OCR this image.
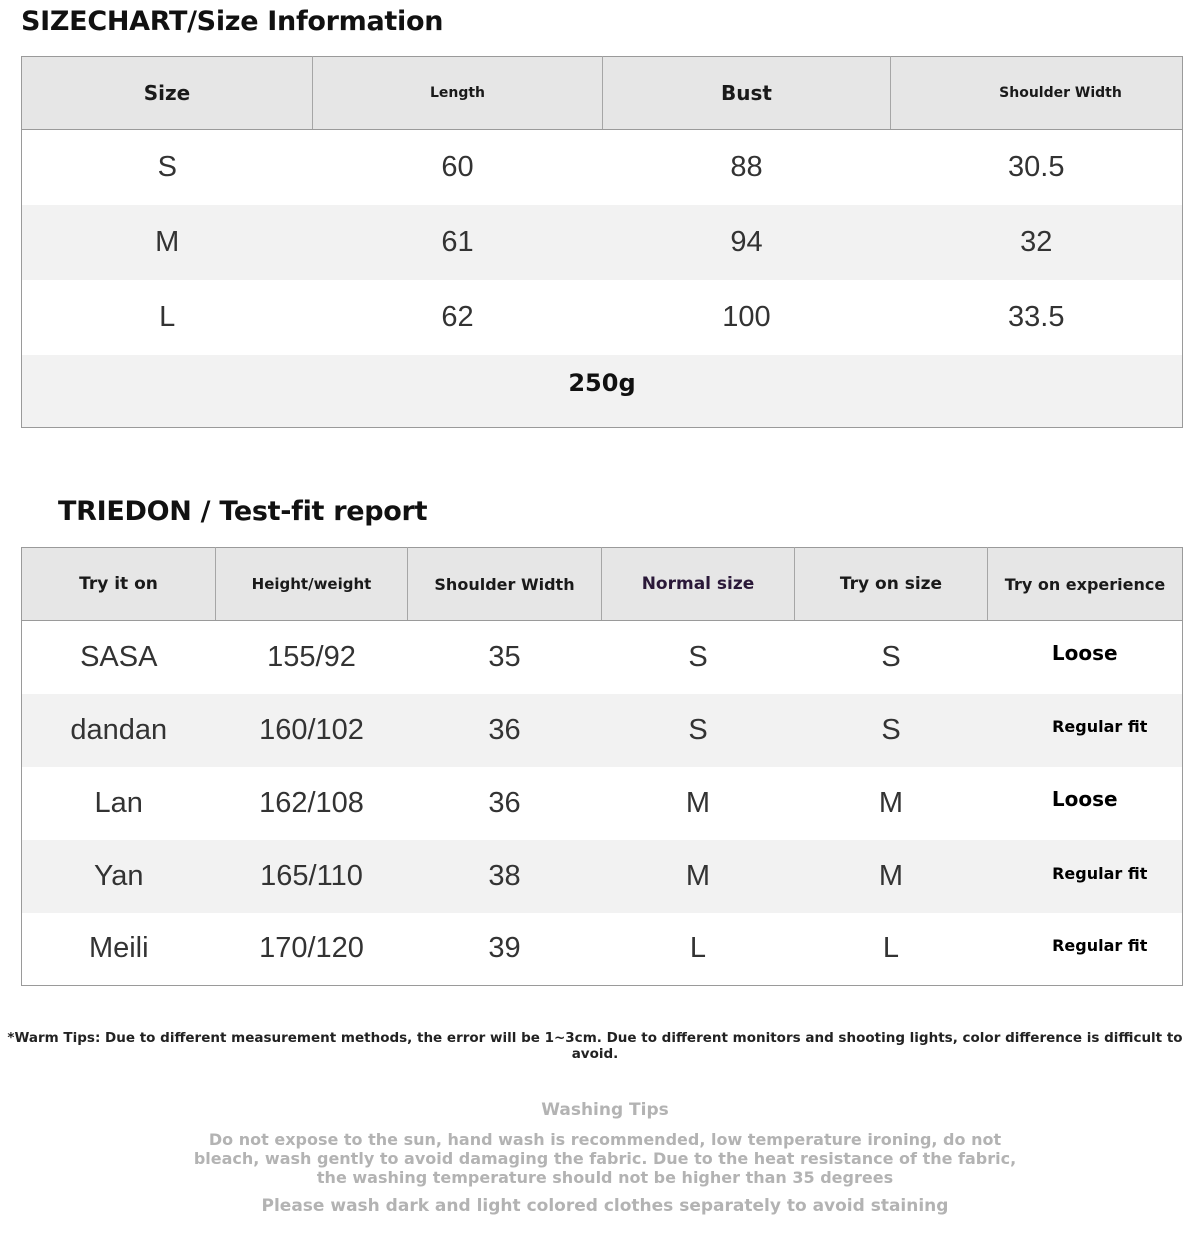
SIZECHART/Size Information
Size	Length	Bust	Shoulder Width
S	60	88	30.5
M	61	94	32
L	62	100	33.5
250g			
TRIEDON / Test-fit report
Try it on	Height/weight	Shoulder Width	Normal size	Try on size	Try on experience
SASA	155/92	35	S	S	Loose
dandan	160/102	36	S	S	Regular fit
Lan	162/108	36	M	M	Loose
Yan	165/110	38	M	M	Regular fit
Meili	170/120	39	L	L	Regular fit
*Warm Tips: Due to different measurement methods, the error will be 1~3cm. Due to different monitors and shooting lights, color difference is difficult to avoid.
Washing Tips
Do not expose to the sun, hand wash is recommended, low temperature ironing, do not
bleach, wash gently to avoid damaging the fabric. Due to the heat resistance of the fabric,
the washing temperature should not be higher than 35 degrees
Please wash dark and light colored clothes separately to avoid staining
